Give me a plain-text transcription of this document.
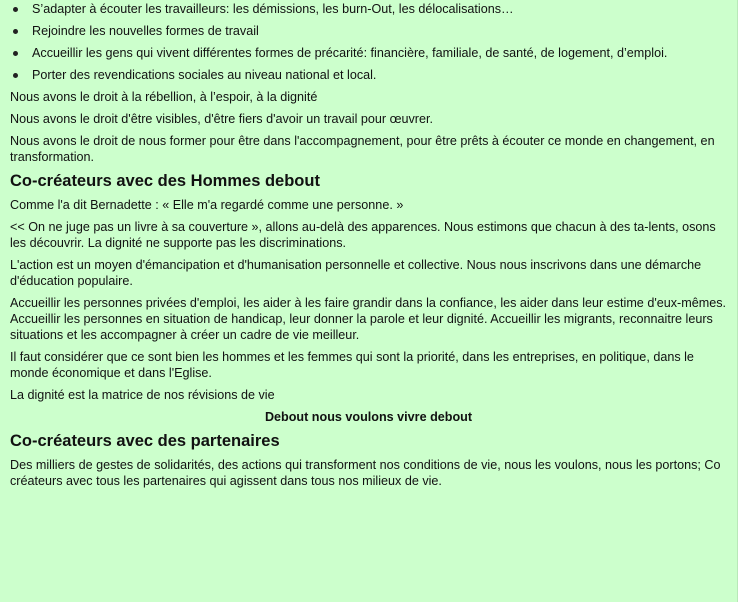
S’adapter à écouter les travailleurs: les démissions, les burn-Out, les délocalisations…
Rejoindre les nouvelles formes de travail
Accueillir les gens qui vivent différentes formes de précarité: financière, familiale, de santé, de logement, d’emploi.
Porter des revendications sociales au niveau national et local.

Nous avons le droit à la rébellion, à l’espoir, à la dignité

Nous avons le droit d'être visibles, d'être fiers d'avoir un travail pour œuvrer.

Nous avons le droit de nous former pour être dans l'accompagnement, pour être prêts à écouter ce monde en changement, en transformation.

Co-créateurs avec des Hommes debout

Comme l'a dit Bernadette : « Elle m'a regardé comme une personne. »

<< On ne juge pas un livre à sa couverture », allons au-delà des apparences. Nous estimons que chacun à des ta-lents, osons les découvrir. La dignité ne supporte pas les discriminations.

L'action est un moyen d'émancipation et d'humanisation personnelle et collective. Nous nous inscrivons dans une démarche d'éducation populaire.

Accueillir les personnes privées d'emploi, les aider à les faire grandir dans la confiance, les aider dans leur estime d'eux-mêmes. Accueillir les personnes en situation de handicap, leur donner la parole et leur dignité. Accueillir les migrants, reconnaitre leurs situations et les accompagner à créer un cadre de vie meilleur.

Il faut considérer que ce sont bien les hommes et les femmes qui sont la priorité, dans les entreprises, en politique, dans le monde économique et dans l'Eglise.

La dignité est la matrice de nos révisions de vie

Debout nous voulons vivre debout

Co-créateurs avec des partenaires

Des milliers de gestes de solidarités, des actions qui transforment nos conditions de vie, nous les voulons, nous les portons; Co créateurs avec tous les partenaires qui agissent dans tous nos milieux de vie.
